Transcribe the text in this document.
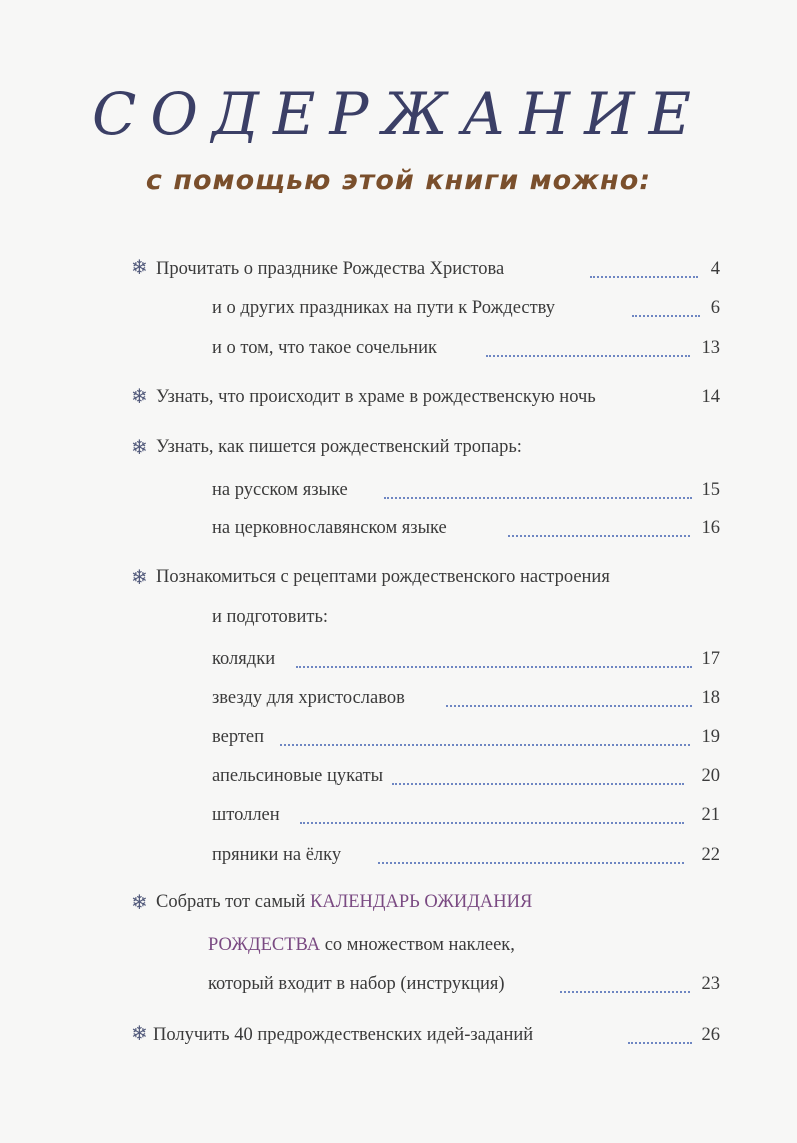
СОДЕРЖАНИЕ
с помощью этой книги можно:
❄ Прочитать о празднике Рождества Христова	4
и о других праздниках на пути к Рождеству	6
и о том, что такое сочельник	13
❄ Узнать, что происходит в храме в рождественскую ночь	14
❄ Узнать, как пишется рождественский тропарь:
на русском языке	15
на церковнославянском языке	16
❄ Познакомиться с рецептами рождественского настроения
и подготовить:
колядки	17
звезду для христославов	18
вертеп	19
апельсиновые цукаты	20
штоллен	21
пряники на ёлку	22
❄ Собрать тот самый КАЛЕНДАРЬ ОЖИДАНИЯ
РОЖДЕСТВА со множеством наклеек,
который входит в набор (инструкция)	23
❄ Получить 40 предрождественских идей-заданий	26
